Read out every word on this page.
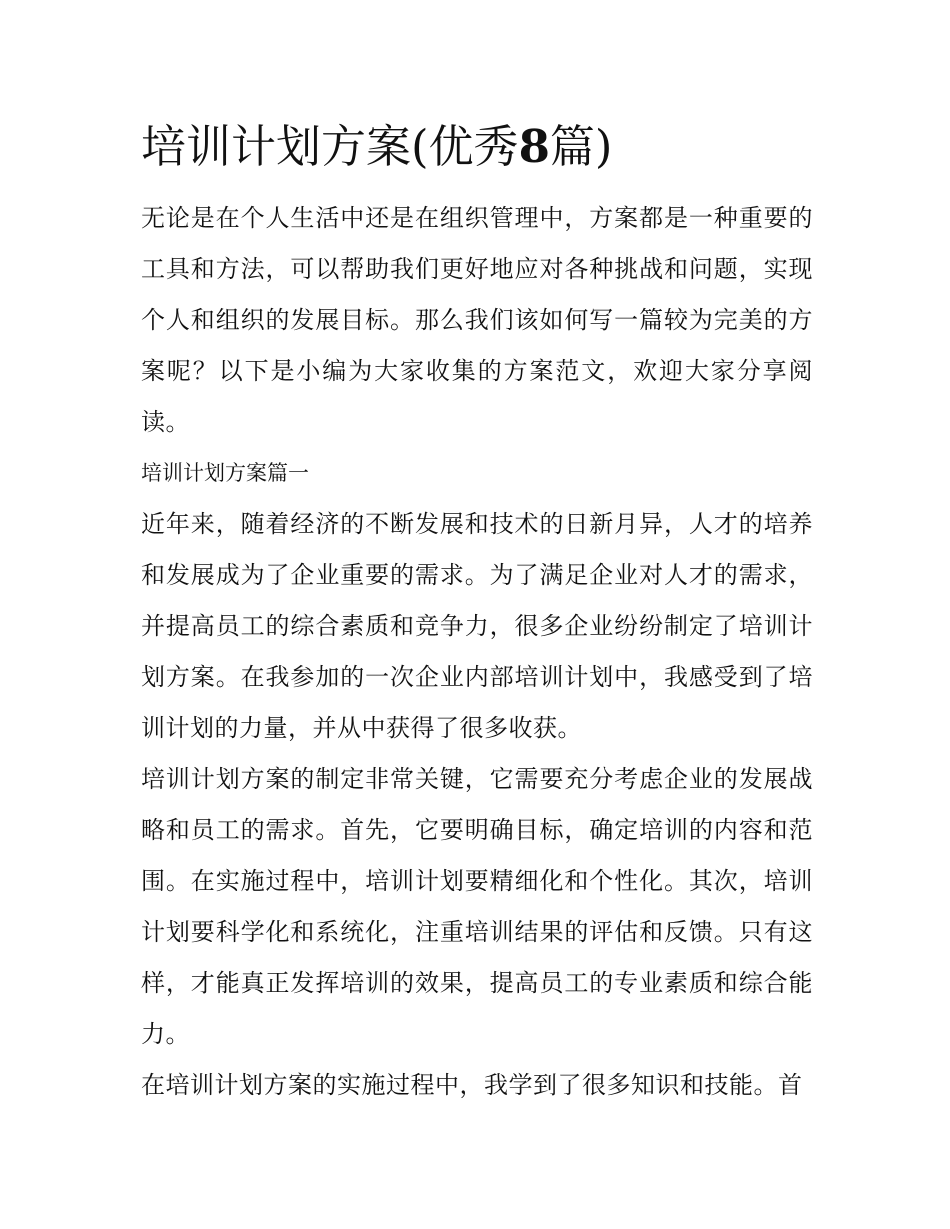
培训计划方案(优秀8篇)

无论是在个人生活中还是在组织管理中，方案都是一种重要的工具和方法，可以帮助我们更好地应对各种挑战和问题，实现个人和组织的发展目标。那么我们该如何写一篇较为完美的方案呢？以下是小编为大家收集的方案范文，欢迎大家分享阅读。

培训计划方案篇一

近年来，随着经济的不断发展和技术的日新月异，人才的培养和发展成为了企业重要的需求。为了满足企业对人才的需求，并提高员工的综合素质和竞争力，很多企业纷纷制定了培训计划方案。在我参加的一次企业内部培训计划中，我感受到了培训计划的力量，并从中获得了很多收获。

培训计划方案的制定非常关键，它需要充分考虑企业的发展战略和员工的需求。首先，它要明确目标，确定培训的内容和范围。在实施过程中，培训计划要精细化和个性化。其次，培训计划要科学化和系统化，注重培训结果的评估和反馈。只有这样，才能真正发挥培训的效果，提高员工的专业素质和综合能力。

在培训计划方案的实施过程中，我学到了很多知识和技能。首
